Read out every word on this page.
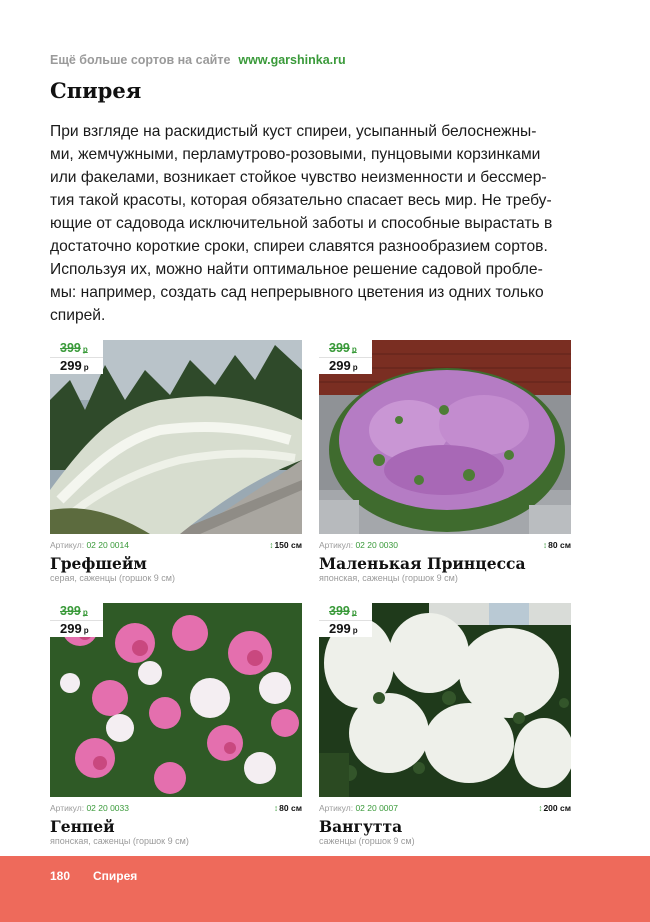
Ещё больше сортов на сайте www.garshinka.ru
Спирея
При взгляде на раскидистый куст спиреи, усыпанный белоснежны-
ми, жемчужными, перламутрово-розовыми, пунцовыми корзинками
или факелами, возникает стойкое чувство неизменности и бессмер-
тия такой красоты, которая обязательно спасает весь мир. Не требу-
ющие от садовода исключительной заботы и способные вырастать в
достаточно короткие сроки, спиреи славятся разнообразием сортов.
Используя их, можно найти оптимальное решение садовой пробле-
мы: например, создать сад непрерывного цветения из одних только
спирей.
399 р
299 р
Артикул: 02 20 0014	↕150 см
Грефшейм
серая, саженцы (горшок 9 см)
399 р
299 р
Артикул: 02 20 0030	↕80 см
Маленькая Принцесса
японская, саженцы (горшок 9 см)
399 р
299 р
Артикул: 02 20 0033	↕80 см
Генпей
японская, саженцы (горшок 9 см)
399 р
299 р
Артикул: 02 20 0007	↕200 см
Вангутта
саженцы (горшок 9 см)
180 Спирея
